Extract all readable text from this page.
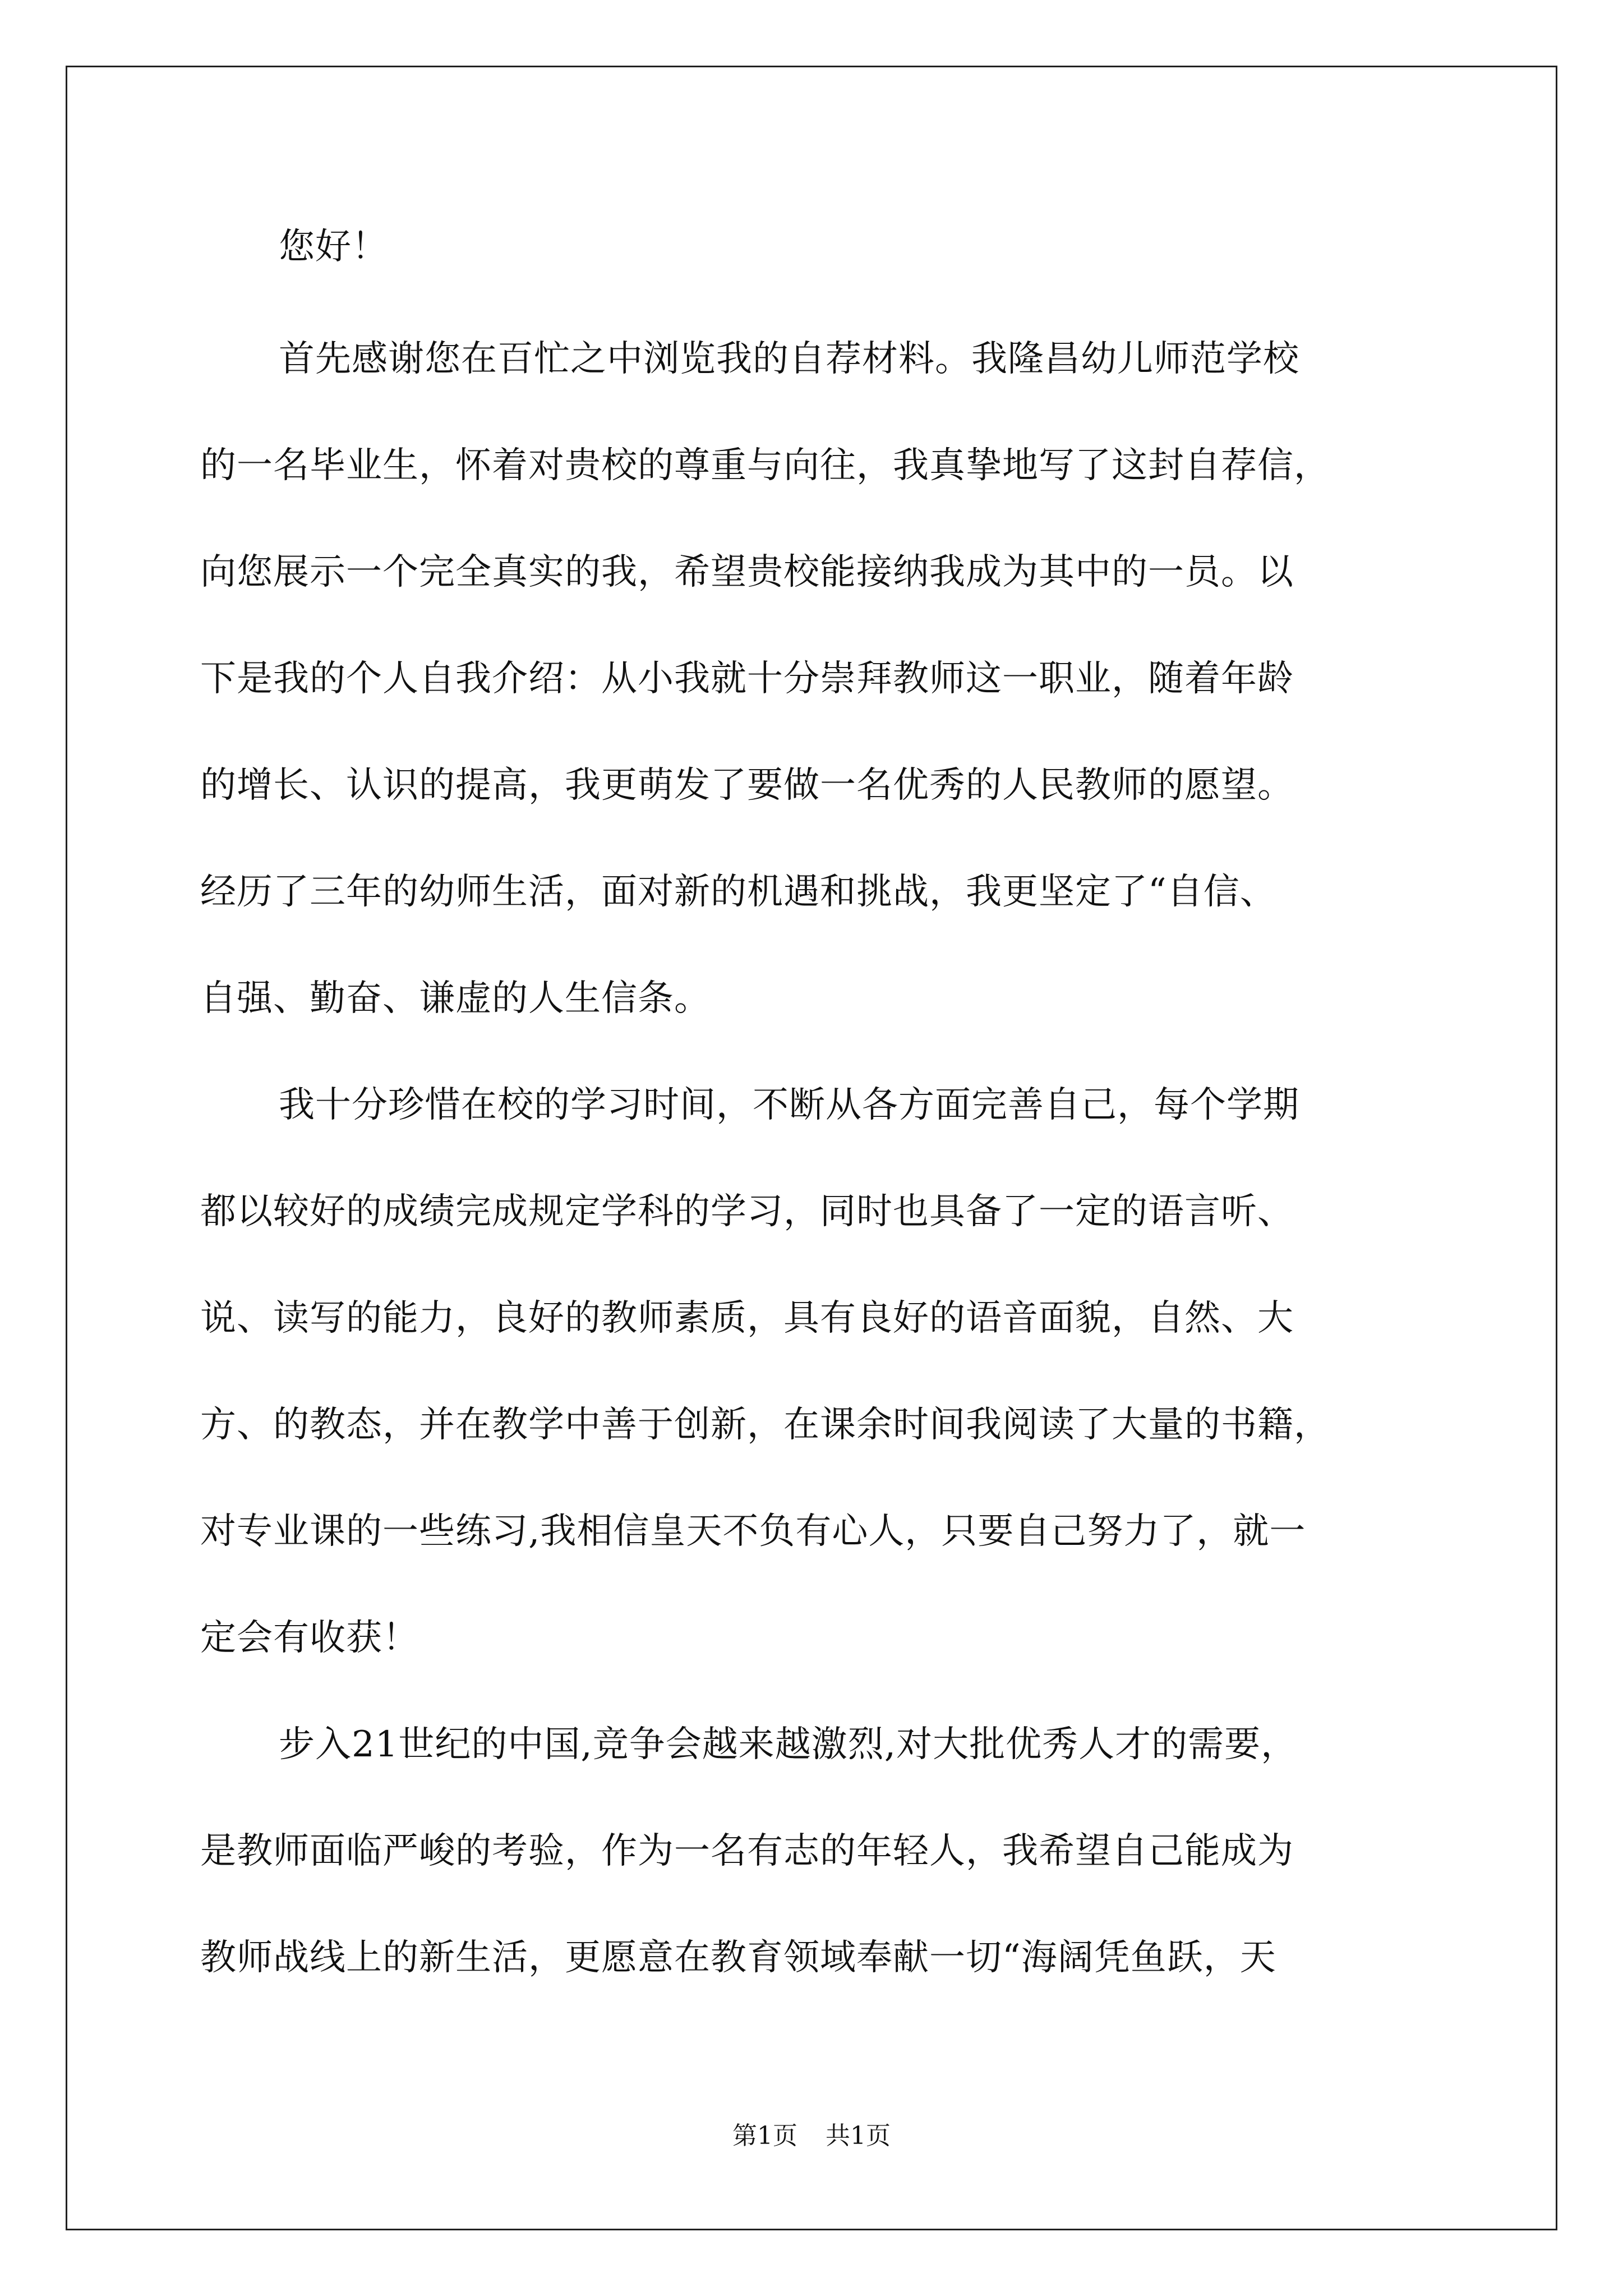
您好！
首先感谢您在百忙之中浏览我的自荐材料。我隆昌幼儿师范学校
的一名毕业生，怀着对贵校的尊重与向往，我真挚地写了这封自荐信，
向您展示一个完全真实的我，希望贵校能接纳我成为其中的一员。以
下是我的个人自我介绍：从小我就十分崇拜教师这一职业，随着年龄
的增长、认识的提高，我更萌发了要做一名优秀的人民教师的愿望。
经历了三年的幼师生活，面对新的机遇和挑战，我更坚定了“自信、
自强、勤奋、谦虚的人生信条。
我十分珍惜在校的学习时间，不断从各方面完善自己，每个学期
都以较好的成绩完成规定学科的学习，同时也具备了一定的语言听、
说、读写的能力，良好的教师素质，具有良好的语音面貌，自然、大
方、的教态，并在教学中善于创新，在课余时间我阅读了大量的书籍，
对专业课的一些练习,我相信皇天不负有心人，只要自己努力了，就一
定会有收获！
步入21世纪的中国,竞争会越来越激烈,对大批优秀人才的需要，
是教师面临严峻的考验，作为一名有志的年轻人，我希望自己能成为
教师战线上的新生活，更愿意在教育领域奉献一切“海阔凭鱼跃，天
第1页 共1页
